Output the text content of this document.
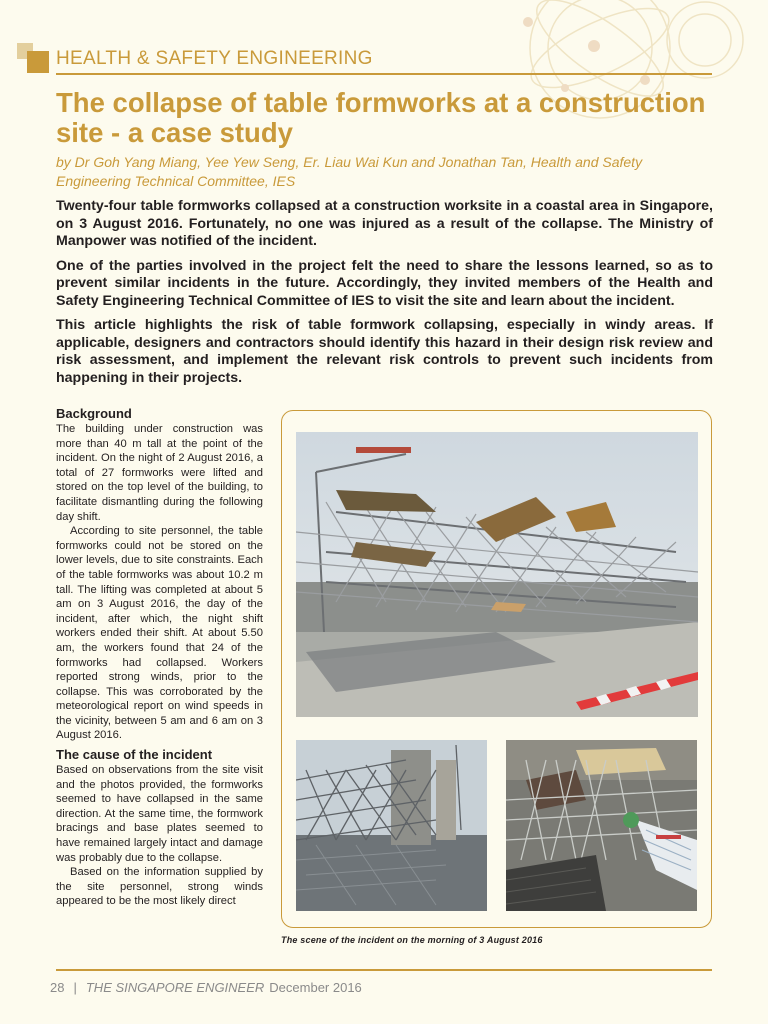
HEALTH & SAFETY ENGINEERING
The collapse of table formworks at a construction site - a case study

by Dr Goh Yang Miang, Yee Yew Seng, Er. Liau Wai Kun and Jonathan Tan, Health and Safety Engineering Technical Committee, IES

Twenty-four table formworks collapsed at a construction worksite in a coastal area in Singapore, on 3 August 2016. Fortunately, no one was injured as a result of the collapse. The Ministry of Manpower was notified of the incident.

One of the parties involved in the project felt the need to share the lessons learned, so as to prevent similar incidents in the future. Accordingly, they invited members of the Health and Safety Engineering Technical Committee of IES to visit the site and learn about the incident.

This article highlights the risk of table formwork collapsing, especially in windy areas. If applicable, designers and contractors should identify this hazard in their design risk review and risk assessment, and implement the relevant risk controls to prevent such incidents from happening in their projects.

Background

The building under construction was more than 40 m tall at the point of the incident. On the night of 2 August 2016, a total of 27 formworks were lifted and stored on the top level of the building, to facilitate dismantling during the following day shift.

According to site personnel, the table formworks could not be stored on the lower levels, due to site constraints. Each of the table formworks was about 10.2 m tall. The lifting was completed at about 5 am on 3 August 2016, the day of the incident, after which, the night shift workers ended their shift. At about 5.50 am, the workers found that 24 of the formworks had collapsed. Workers reported strong winds, prior to the collapse. This was corroborated by the meteorological report on wind speeds in the vicinity, between 5 am and 6 am on 3 August 2016.

The cause of the incident

Based on observations from the site visit and the photos provided, the formworks seemed to have collapsed in the same direction. At the same time, the formwork bracings and base plates seemed to have remained largely intact and damage was probably due to the collapse.

Based on the information supplied by the site personnel, strong winds appeared to be the most likely direct

The scene of the incident on the morning of 3 August 2016
28 | THE SINGAPORE ENGINEER December 2016
